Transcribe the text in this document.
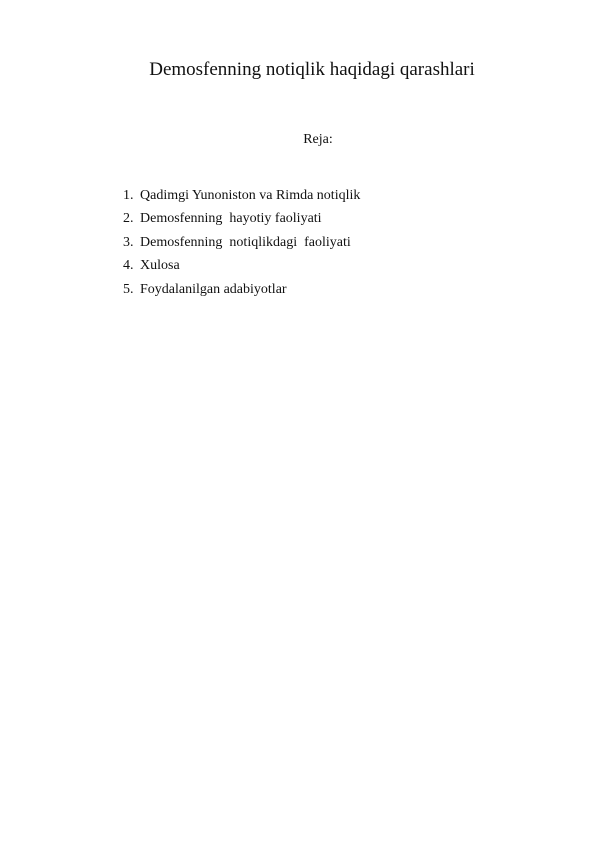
Demosfenning notiqlik haqidagi qarashlari
Reja:

1. Qadimgi Yunoniston va Rimda notiqlik

2. Demosfenning  hayotiy faoliyati

3. Demosfenning  notiqlikdagi  faoliyati

4. Xulosa

5. Foydalanilgan adabiyotlar
